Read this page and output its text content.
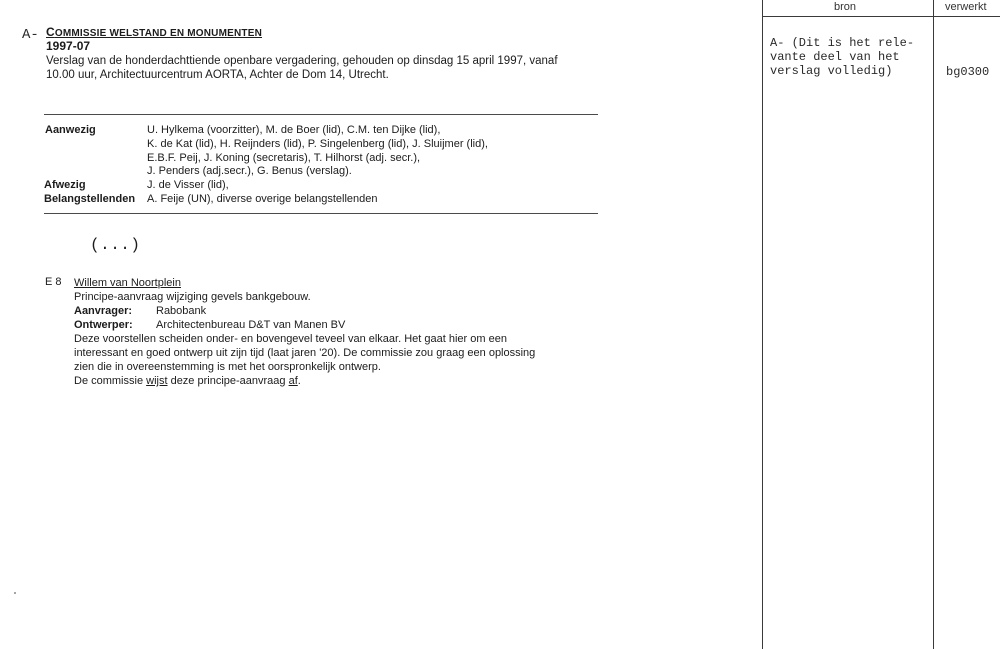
A- COMMISSIE WELSTAND EN MONUMENTEN
1997-07
Verslag van de honderdachttiende openbare vergadering, gehouden op dinsdag 15 april 1997, vanaf
10.00 uur, Architectuurcentrum AORTA, Achter de Dom 14, Utrecht.
Aanwezig	U. Hylkema (voorzitter), M. de Boer (lid), C.M. ten Dijke (lid),
K. de Kat (lid), H. Reijnders (lid), P. Singelenberg (lid), J. Sluijmer (lid),
E.B.F. Peij, J. Koning (secretaris), T. Hilhorst (adj. secr.),
J. Penders (adj.secr.), G. Benus (verslag).
Afwezig	J. de Visser (lid),
Belangstellenden A. Feije (UN), diverse overige belangstellenden
(...)
E 8 Willem van Noortplein
Principe-aanvraag wijziging gevels bankgebouw.
Aanvrager: Rabobank
Ontwerper: Architectenbureau D&T van Manen BV
Deze voorstellen scheiden onder- en bovengevel teveel van elkaar. Het gaat hier om een
interessant en goed ontwerp uit zijn tijd (laat jaren '20). De commissie zou graag een oplossing
zien die in overeenstemming is met het oorspronkelijk ontwerp.
De commissie wijst deze principe-aanvraag af.
bron	verwerkt
A- (Dit is het rele-
vante deel van het
verslag volledig)	bg0300
